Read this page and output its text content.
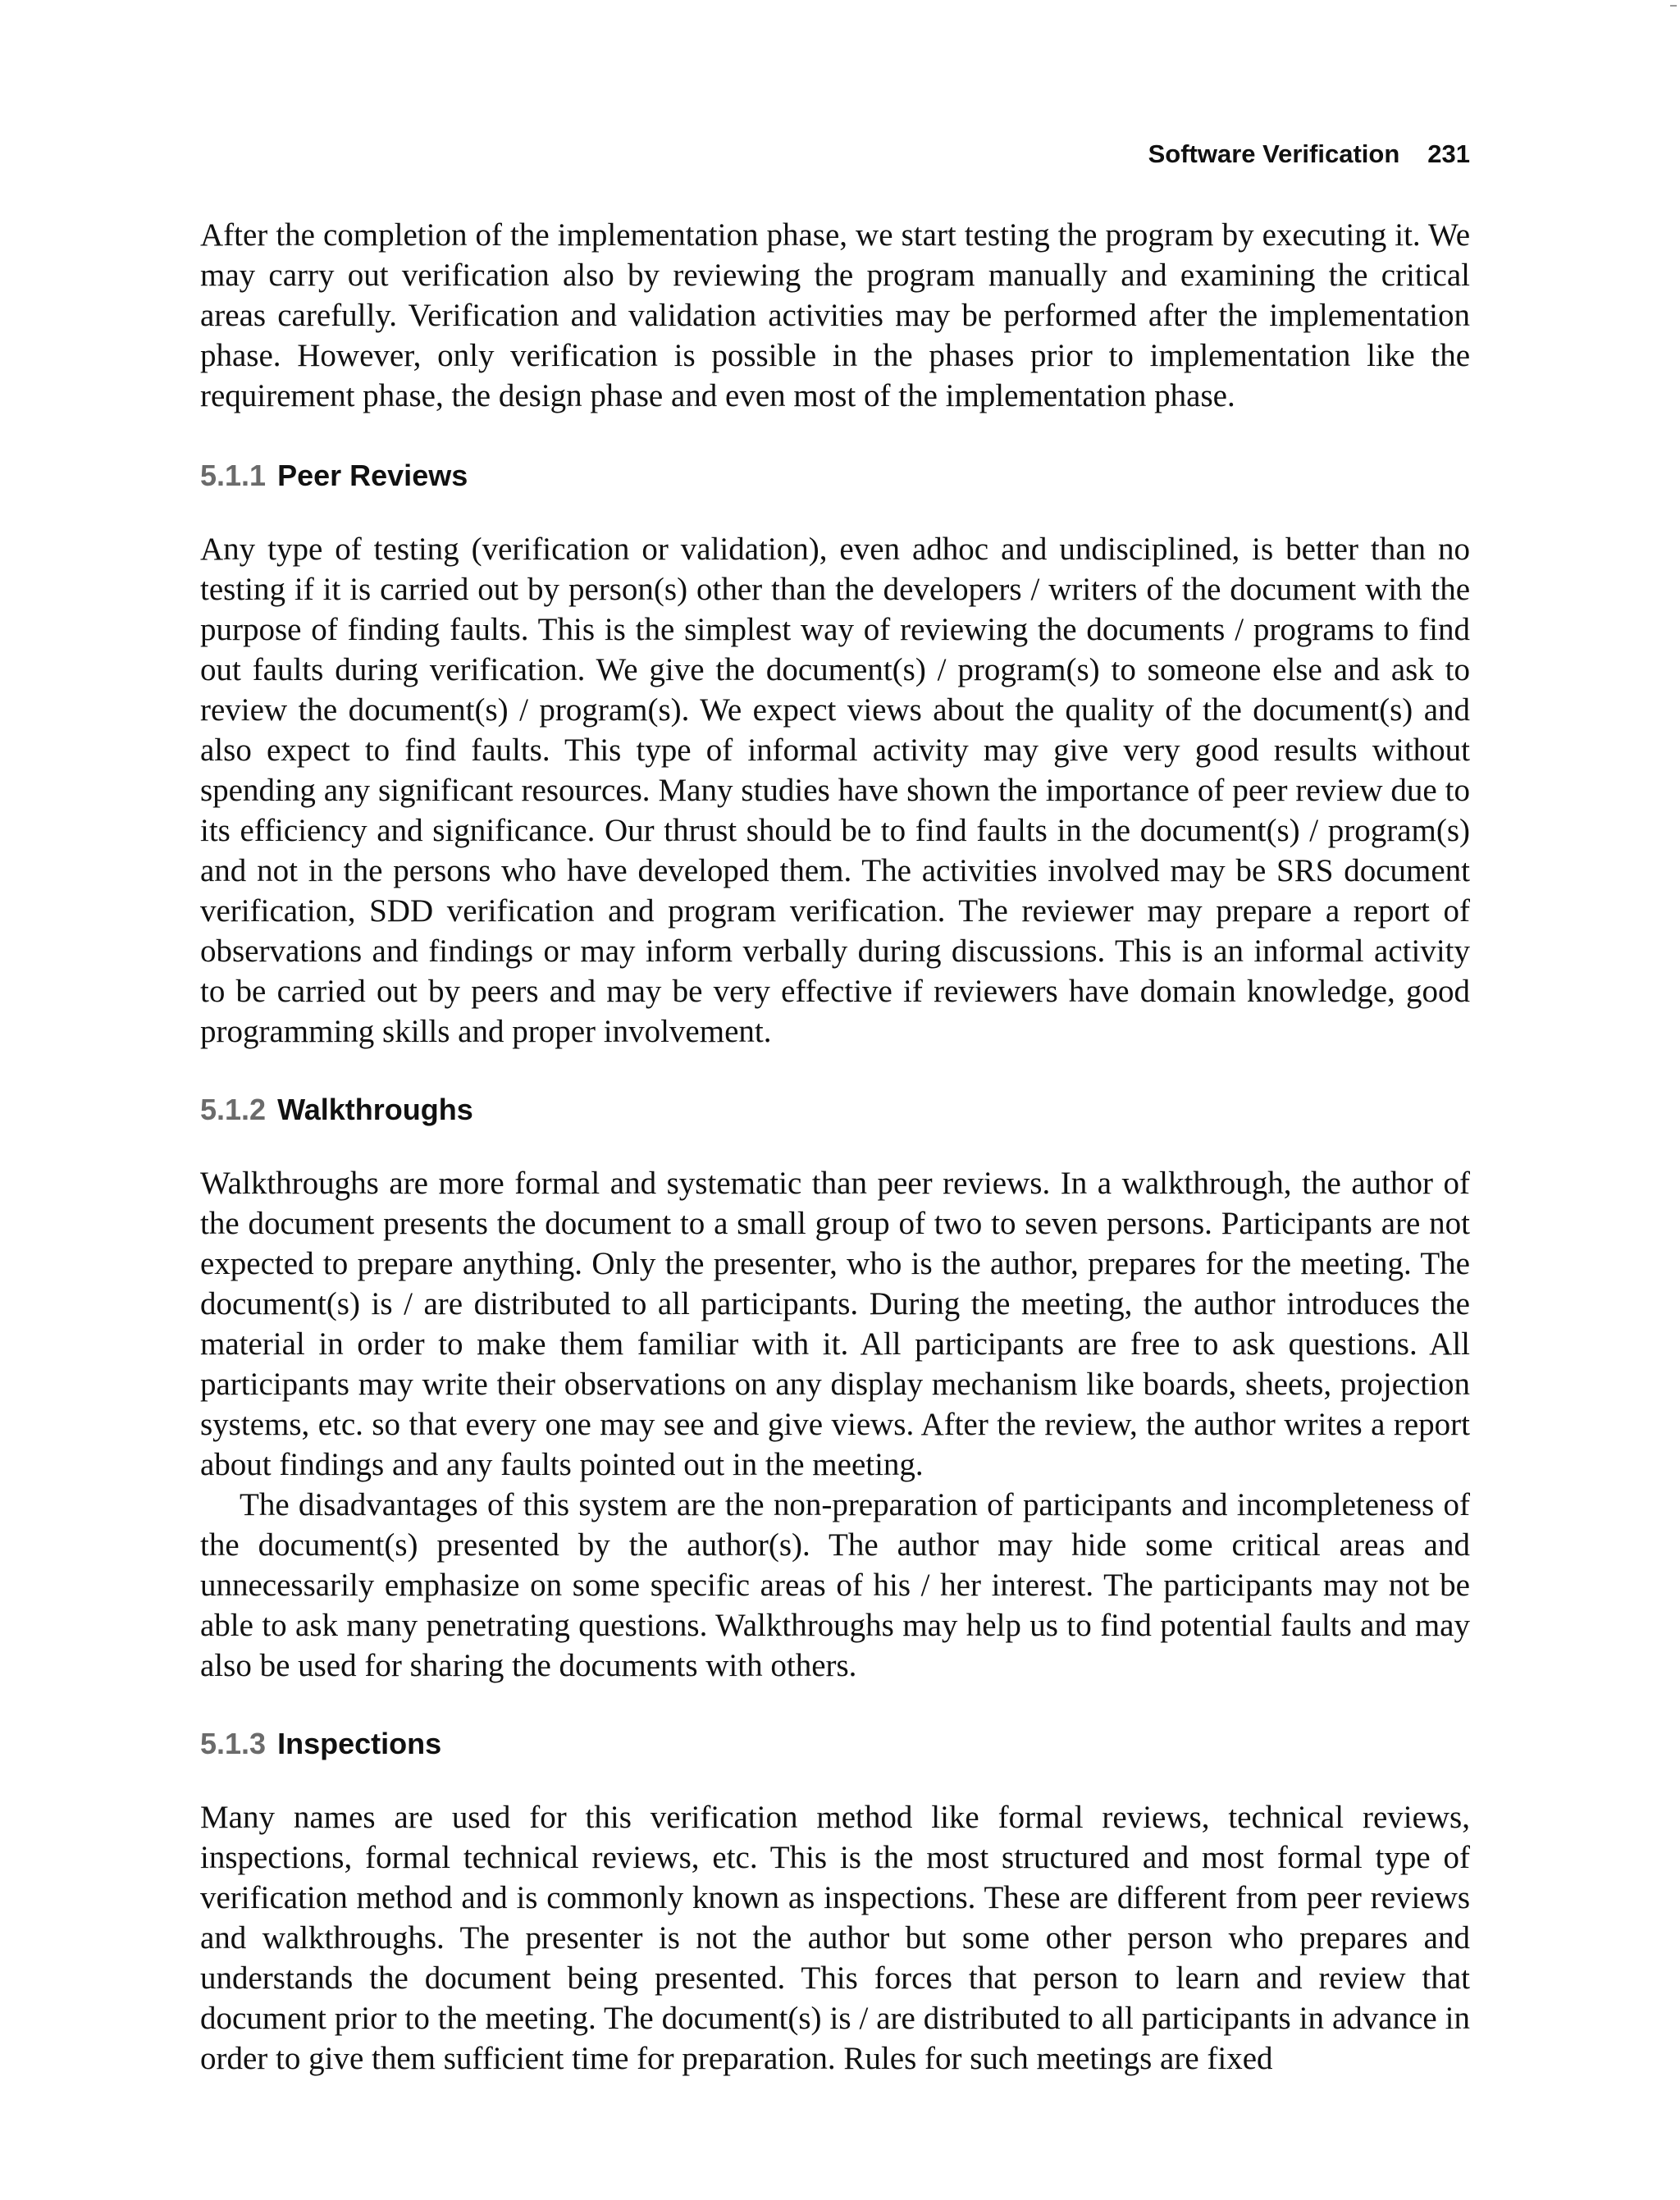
Software Verification 231

After the completion of the implementation phase, we start testing the program by executing it. We may carry out verification also by reviewing the program manually and examining the critical areas carefully. Verification and validation activities may be performed after the implementation phase. However, only verification is possible in the phases prior to implementation like the requirement phase, the design phase and even most of the implementation phase.

5.1.1 Peer Reviews

Any type of testing (verification or validation), even adhoc and undisciplined, is better than no testing if it is carried out by person(s) other than the developers / writers of the document with the purpose of finding faults. This is the simplest way of reviewing the documents / programs to find out faults during verification. We give the document(s) / program(s) to someone else and ask to review the document(s) / program(s). We expect views about the quality of the document(s) and also expect to find faults. This type of informal activity may give very good results without spending any significant resources. Many studies have shown the importance of peer review due to its efficiency and significance. Our thrust should be to find faults in the document(s) / program(s) and not in the persons who have developed them. The activities involved may be SRS document verification, SDD verification and program verification. The reviewer may prepare a report of observations and findings or may inform verbally during discussions. This is an informal activity to be carried out by peers and may be very effective if reviewers have domain knowledge, good programming skills and proper involvement.

5.1.2 Walkthroughs

Walkthroughs are more formal and systematic than peer reviews. In a walkthrough, the author of the document presents the document to a small group of two to seven persons. Participants are not expected to prepare anything. Only the presenter, who is the author, prepares for the meeting. The document(s) is / are distributed to all participants. During the meeting, the author introduces the material in order to make them familiar with it. All participants are free to ask questions. All participants may write their observations on any display mechanism like boards, sheets, projection systems, etc. so that every one may see and give views. After the review, the author writes a report about findings and any faults pointed out in the meeting.

The disadvantages of this system are the non-preparation of participants and incompleteness of the document(s) presented by the author(s). The author may hide some critical areas and unnecessarily emphasize on some specific areas of his / her interest. The participants may not be able to ask many penetrating questions. Walkthroughs may help us to find potential faults and may also be used for sharing the documents with others.

5.1.3 Inspections

Many names are used for this verification method like formal reviews, technical reviews, inspections, formal technical reviews, etc. This is the most structured and most formal type of verification method and is commonly known as inspections. These are different from peer reviews and walkthroughs. The presenter is not the author but some other person who prepares and understands the document being presented. This forces that person to learn and review that document prior to the meeting. The document(s) is / are distributed to all participants in advance in order to give them sufficient time for preparation. Rules for such meetings are fixed
